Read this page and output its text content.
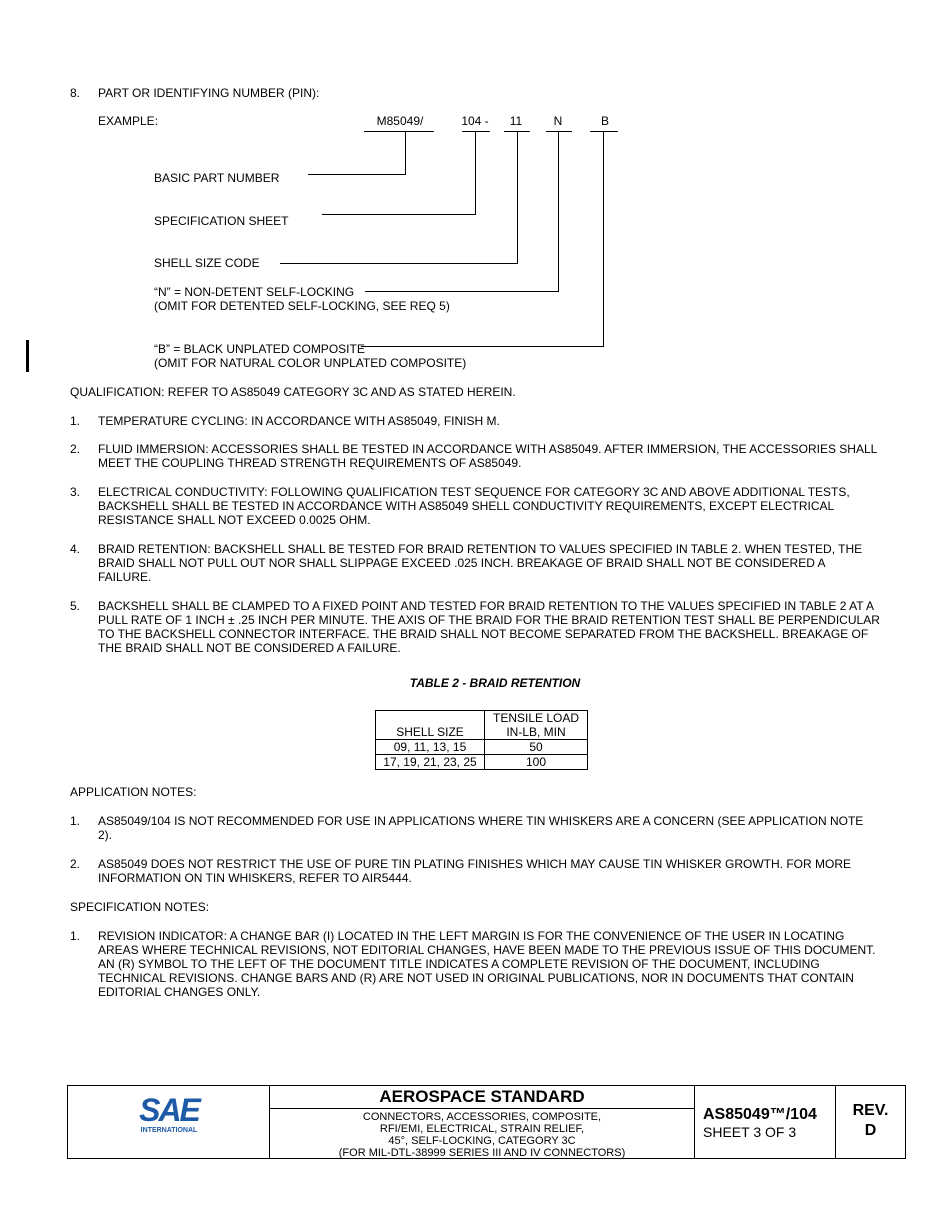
8. PART OR IDENTIFYING NUMBER (PIN):
EXAMPLE:	M85049/	104 -	11	N	B
BASIC PART NUMBER
SPECIFICATION SHEET
SHELL SIZE CODE
“N” = NON-DETENT SELF-LOCKING
(OMIT FOR DETENTED SELF-LOCKING, SEE REQ 5)
“B” = BLACK UNPLATED COMPOSITE
(OMIT FOR NATURAL COLOR UNPLATED COMPOSITE)
QUALIFICATION: REFER TO AS85049 CATEGORY 3C AND AS STATED HEREIN.
1. TEMPERATURE CYCLING: IN ACCORDANCE WITH AS85049, FINISH M.
2. FLUID IMMERSION: ACCESSORIES SHALL BE TESTED IN ACCORDANCE WITH AS85049. AFTER IMMERSION, THE ACCESSORIES SHALL MEET THE COUPLING THREAD STRENGTH REQUIREMENTS OF AS85049.
3. ELECTRICAL CONDUCTIVITY: FOLLOWING QUALIFICATION TEST SEQUENCE FOR CATEGORY 3C AND ABOVE ADDITIONAL TESTS, BACKSHELL SHALL BE TESTED IN ACCORDANCE WITH AS85049 SHELL CONDUCTIVITY REQUIREMENTS, EXCEPT ELECTRICAL RESISTANCE SHALL NOT EXCEED 0.0025 OHM.
4. BRAID RETENTION: BACKSHELL SHALL BE TESTED FOR BRAID RETENTION TO VALUES SPECIFIED IN TABLE 2. WHEN TESTED, THE BRAID SHALL NOT PULL OUT NOR SHALL SLIPPAGE EXCEED .025 INCH. BREAKAGE OF BRAID SHALL NOT BE CONSIDERED A FAILURE.
5. BACKSHELL SHALL BE CLAMPED TO A FIXED POINT AND TESTED FOR BRAID RETENTION TO THE VALUES SPECIFIED IN TABLE 2 AT A PULL RATE OF 1 INCH ± .25 INCH PER MINUTE. THE AXIS OF THE BRAID FOR THE BRAID RETENTION TEST SHALL BE PERPENDICULAR TO THE BACKSHELL CONNECTOR INTERFACE. THE BRAID SHALL NOT BECOME SEPARATED FROM THE BACKSHELL. BREAKAGE OF THE BRAID SHALL NOT BE CONSIDERED A FAILURE.
TABLE 2 - BRAID RETENTION
SHELL SIZE	TENSILE LOAD
IN-LB, MIN

09, 11, 13, 15	50
17, 19, 21, 23, 25	100
APPLICATION NOTES:
1. AS85049/104 IS NOT RECOMMENDED FOR USE IN APPLICATIONS WHERE TIN WHISKERS ARE A CONCERN (SEE APPLICATION NOTE 2).
2. AS85049 DOES NOT RESTRICT THE USE OF PURE TIN PLATING FINISHES WHICH MAY CAUSE TIN WHISKER GROWTH. FOR MORE INFORMATION ON TIN WHISKERS, REFER TO AIR5444.
SPECIFICATION NOTES:
1. REVISION INDICATOR: A CHANGE BAR (I) LOCATED IN THE LEFT MARGIN IS FOR THE CONVENIENCE OF THE USER IN LOCATING AREAS WHERE TECHNICAL REVISIONS, NOT EDITORIAL CHANGES, HAVE BEEN MADE TO THE PREVIOUS ISSUE OF THIS DOCUMENT. AN (R) SYMBOL TO THE LEFT OF THE DOCUMENT TITLE INDICATES A COMPLETE REVISION OF THE DOCUMENT, INCLUDING TECHNICAL REVISIONS. CHANGE BARS AND (R) ARE NOT USED IN ORIGINAL PUBLICATIONS, NOR IN DOCUMENTS THAT CONTAIN EDITORIAL CHANGES ONLY.
SAE
INTERNATIONAL
AEROSPACE STANDARD
CONNECTORS, ACCESSORIES, COMPOSITE,
RFI/EMI, ELECTRICAL, STRAIN RELIEF,
45°, SELF-LOCKING, CATEGORY 3C
(FOR MIL-DTL-38999 SERIES III AND IV CONNECTORS)
AS85049™/104
SHEET 3 OF 3
REV.
D
